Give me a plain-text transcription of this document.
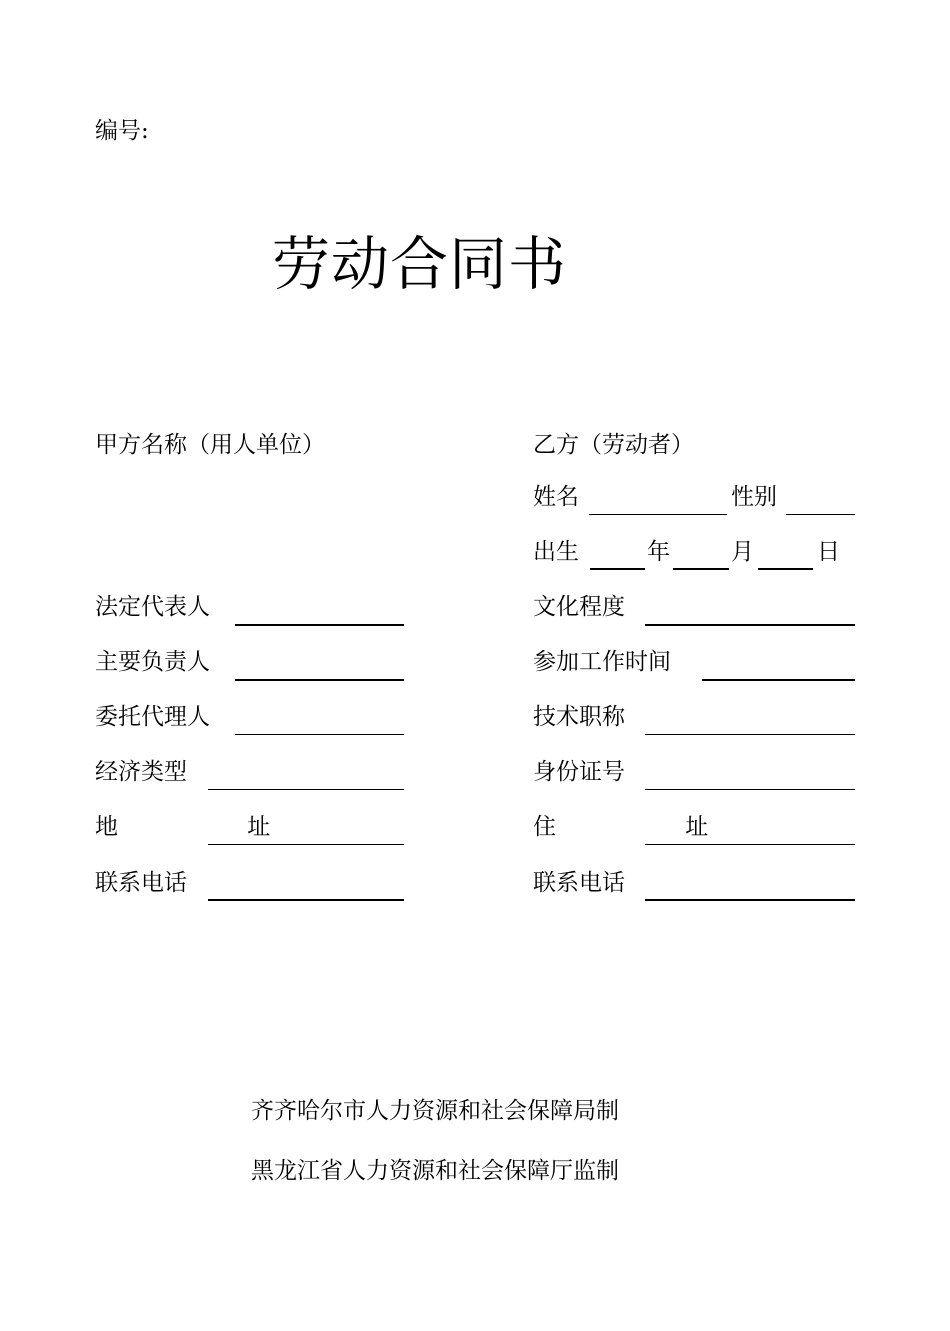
编号:
劳动合同书
甲方名称（用人单位）
法定代表人
主要负责人
委托代理人
经济类型
地 址
联系电话
乙方（劳动者）
姓名	性别
出生	年	月	日
文化程度
参加工作时间
技术职称
身份证号
住 址
联系电话
齐齐哈尔市人力资源和社会保障局制
黑龙江省人力资源和社会保障厅监制
